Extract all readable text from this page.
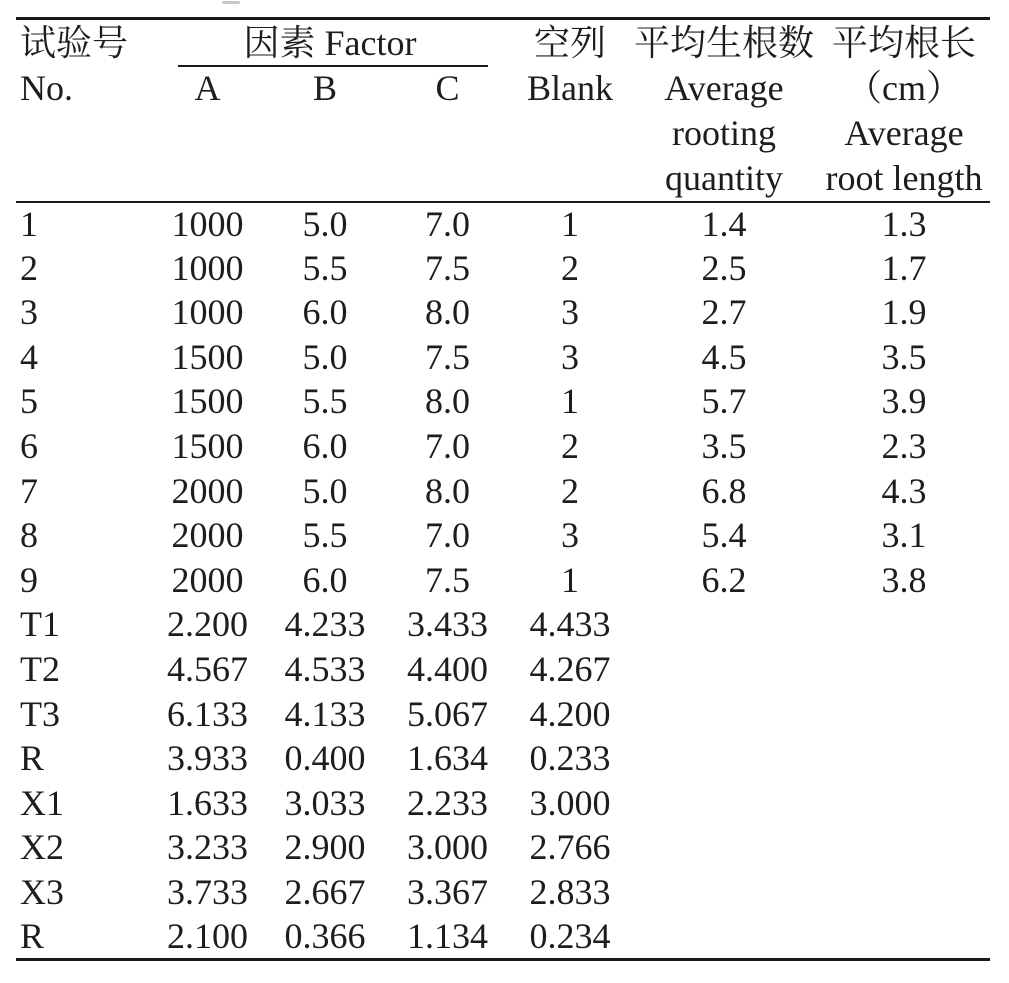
试验号	因素 Factor			空列	平均生根数	平均根长
No.	A	B	C	Blank	Average	（cm）
					rooting	Average
					quantity	root length
1	1000	5.0	7.0	1	1.4	1.3
2	1000	5.5	7.5	2	2.5	1.7
3	1000	6.0	8.0	3	2.7	1.9
4	1500	5.0	7.5	3	4.5	3.5
5	1500	5.5	8.0	1	5.7	3.9
6	1500	6.0	7.0	2	3.5	2.3
7	2000	5.0	8.0	2	6.8	4.3
8	2000	5.5	7.0	3	5.4	3.1
9	2000	6.0	7.5	1	6.2	3.8
T1	2.200	4.233	3.433	4.433		
T2	4.567	4.533	4.400	4.267		
T3	6.133	4.133	5.067	4.200		
R	3.933	0.400	1.634	0.233		
X1	1.633	3.033	2.233	3.000		
X2	3.233	2.900	3.000	2.766		
X3	3.733	2.667	3.367	2.833		
R	2.100	0.366	1.134	0.234		
